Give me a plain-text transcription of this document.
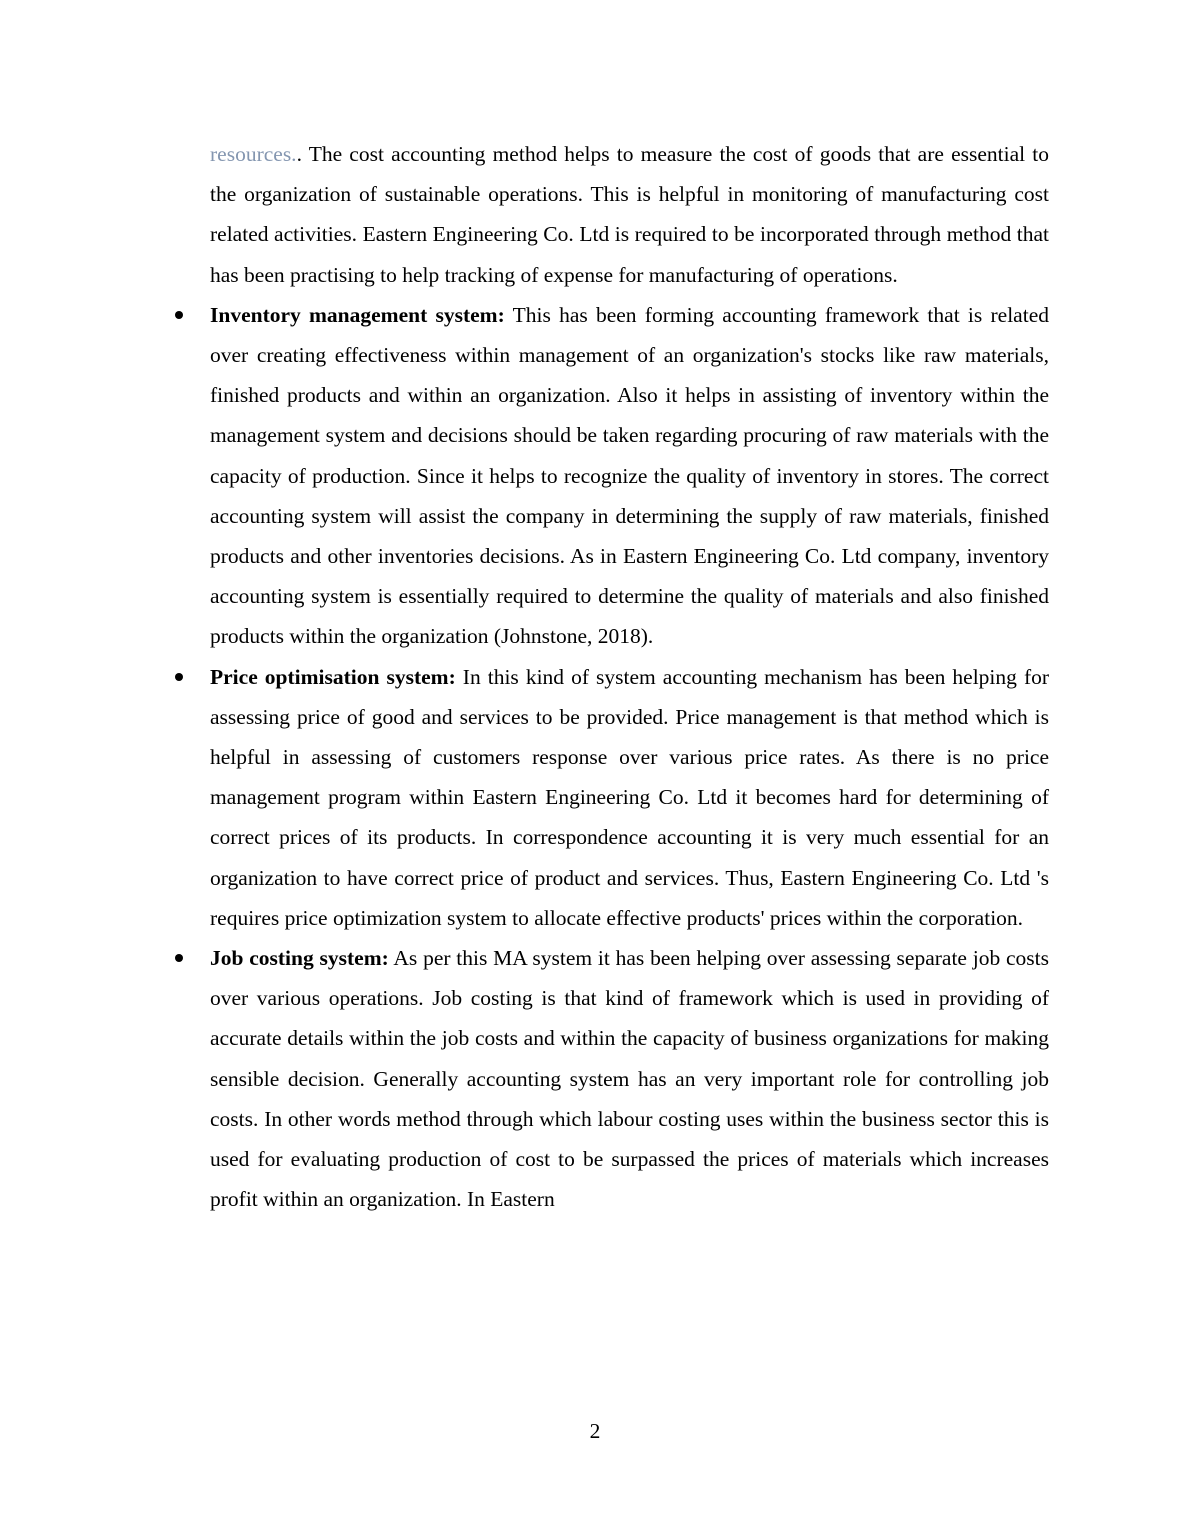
resources.. The cost accounting method helps to measure the cost of goods that are essential to the organization of sustainable operations. This is helpful in monitoring of manufacturing cost related activities. Eastern Engineering Co. Ltd is required to be incorporated through method that has been practising to help tracking of expense for manufacturing of operations.

Inventory management system: This has been forming accounting framework that is related over creating effectiveness within management of an organization's stocks like raw materials, finished products and within an organization. Also it helps in assisting of inventory within the management system and decisions should be taken regarding procuring of raw materials with the capacity of production. Since it helps to recognize the quality of inventory in stores. The correct accounting system will assist the company in determining the supply of raw materials, finished products and other inventories decisions. As in Eastern Engineering Co. Ltd company, inventory accounting system is essentially required to determine the quality of materials and also finished products within the organization (Johnstone, 2018).
Price optimisation system: In this kind of system accounting mechanism has been helping for assessing price of good and services to be provided. Price management is that method which is helpful in assessing of customers response over various price rates. As there is no price management program within Eastern Engineering Co. Ltd it becomes hard for determining of correct prices of its products. In correspondence accounting it is very much essential for an organization to have correct price of product and services. Thus, Eastern Engineering Co. Ltd 's requires price optimization system to allocate effective products' prices within the corporation.
Job costing system: As per this MA system it has been helping over assessing separate job costs over various operations. Job costing is that kind of framework which is used in providing of accurate details within the job costs and within the capacity of business organizations for making sensible decision. Generally accounting system has an very important role for controlling job costs. In other words method through which labour costing uses within the business sector this is used for evaluating production of cost to be surpassed the prices of materials which increases profit within an organization. In Eastern
2
